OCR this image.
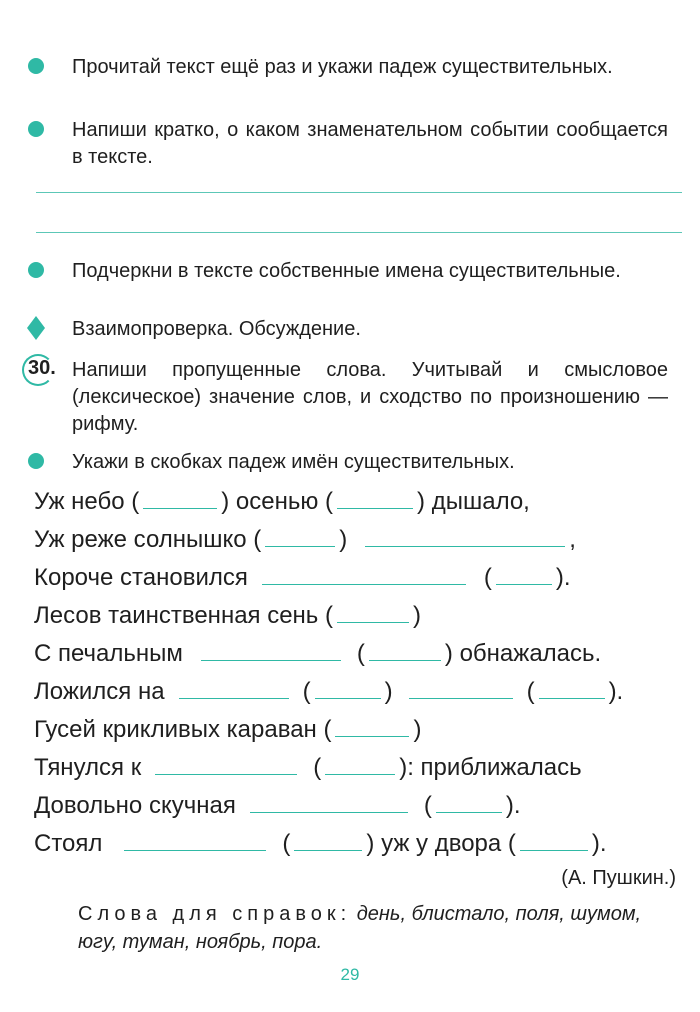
Прочитай текст ещё раз и укажи падеж существительных.
Напиши кратко, о каком знаменательном событии сообщается в тексте.
Подчеркни в тексте собственные имена существительные.
Взаимопроверка. Обсуждение.
30. Напиши пропущенные слова. Учитывай и смысловое (лексическое) значение слов, и сходство по произношению — рифму.
Укажи в скобках падеж имён существительных.
Уж небо (	) осенью (	) дышало,
Уж реже солнышко (	)	,
Короче становился	(	).
Лесов таинственная сень (	)
С печальным	(	) обнажалась.
Ложился на	(	)	(	).
Гусей крикливых караван (	)
Тянулся к	(	): приближалась
Довольно скучная	(	).
Стоял	(	) уж у двора (	).
(А. Пушкин.)
Слова для справок: день, блистало, поля, шумом, югу, туман, ноябрь, пора.
29
